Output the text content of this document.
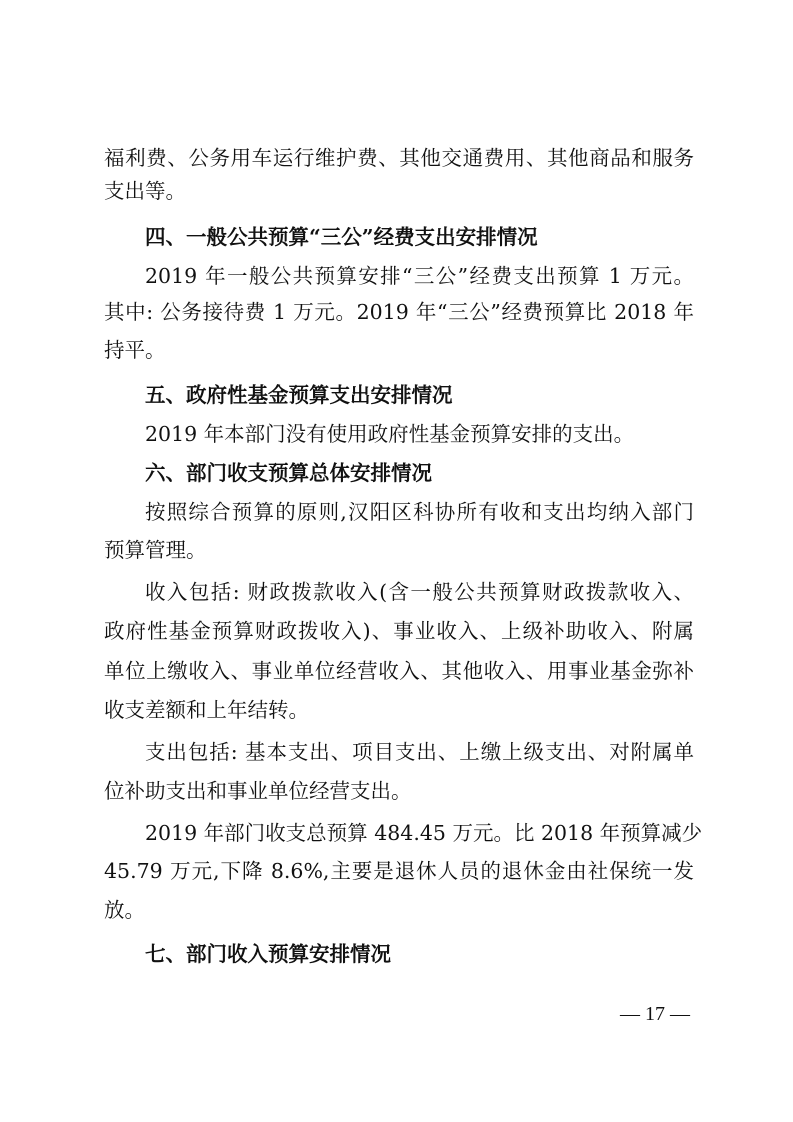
福利费、公务用车运行维护费、其他交通费用、其他商品和服务
支出等。
四、一般公共预算“三公”经费支出安排情况
2019 年一般公共预算安排“三公”经费支出预算 1 万元。
其中: 公务接待费 1 万元。2019 年“三公”经费预算比 2018 年
持平。
五、政府性基金预算支出安排情况
2019 年本部门没有使用政府性基金预算安排的支出。
六、部门收支预算总体安排情况
按照综合预算的原则,汉阳区科协所有收和支出均纳入部门
预算管理。
收入包括: 财政拨款收入(含一般公共预算财政拨款收入、
政府性基金预算财政拨收入)、事业收入、上级补助收入、附属
单位上缴收入、事业单位经营收入、其他收入、用事业基金弥补
收支差额和上年结转。
支出包括: 基本支出、项目支出、上缴上级支出、对附属单
位补助支出和事业单位经营支出。
2019 年部门收支总预算 484.45 万元。比 2018 年预算减少
45.79 万元,下降 8.6%,主要是退休人员的退休金由社保统一发
放。
七、部门收入预算安排情况
— 17 —
